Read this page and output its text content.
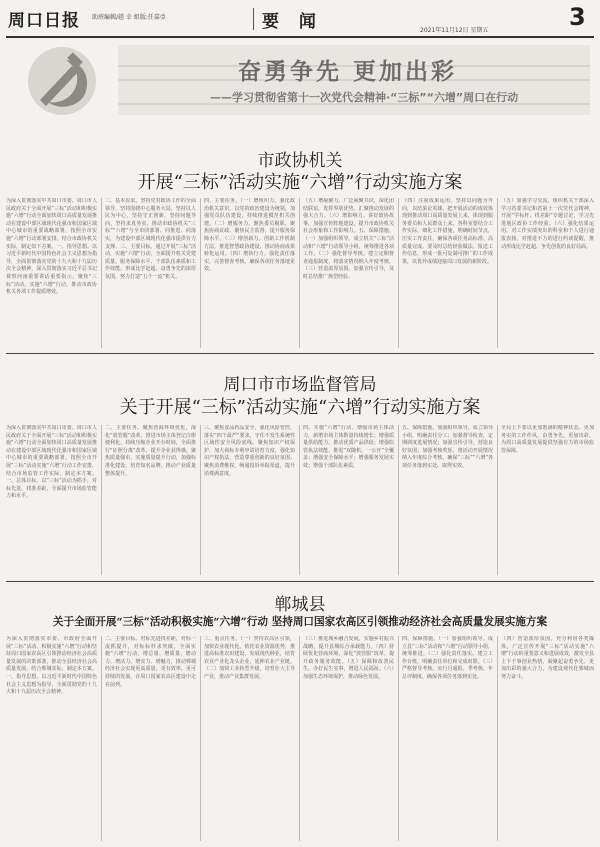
周口日报 助班編輯/趙 幸 組版:任嘉亞	要 闻	2021年11月12日 星期五	3
奋勇争先 更加出彩
——学习贯彻省第十一次党代会精神·“三标”“六增”周口在行动
市政协机关
开展“三标”活动实施“六增”行动实施方案
为深入贯彻落实中共周口市委、周口市人民政府关于全面开展“三标”活动和积极实施“六增”行动全面加快周口高质量发展推动在建设中部区域现代化强市和国家区域中心城市的重要战略部署，按照全市实施“六增”行动部署安排，结合市政协机关实际，制定如下方案。一、指导思想。以习近平新时代中国特色社会主义思想为指导，全面贯彻落实党的十九大和十九届历次全会精神，深入贯彻落实习近平总书记视察河南重要讲话重要指示，聚焦“三标”活动，实施“六增”行动，推动市政协机关各项工作提质增效。
二、基本原求。坚持党对政协工作的全面领导，坚持围绕中心服务大局，坚持以人民为中心，坚持守正创新，坚持问题导向，坚持求真务实，推动市政协机关“三标”“六增”与全市同部署、同推进、同落实，为建设中部区域现代化强市提供有力支撑。三、主要目标。通过开展“三标”活动，实施“六增”行动，全面提升机关党建质量、服务保障水平、干部队伍素质和工作效能，形成比学赶超、奋勇争先的浓厚氛围，努力打造“五个一流”机关。
四、主要任务。（一）增组织力。强化政治机关意识，以党的政治建设为统领，加强党员队伍建设，持续推进模范机关创建。（二）增服务力。聚焦委员履职、聚焦协商议政、聚焦民主监督，提升服务保障水平。（三）增创新力。创新工作机制方法，推进智慧政协建设，推动协商成果转化运用。（四）增执行力。强化责任落实，完善督查考核，确保各项任务落地见效。
（五）增凝聚力。广泛凝聚共识，深化团结联谊，发挥界别优势，汇聚推动发展的强大合力。（六）增影响力。讲好政协故事，加强宣传阵地建设，提升市政协机关社会形象和工作影响力。五、保障措施。（一）加强组织领导。成立机关“三标”活动和“六增”行动领导小组，统筹推进各项工作。（二）强化督导考核。建立定期督查通报制度，将落实情况纳入年度考核。（三）营造浓厚氛围。加强宣传引导，及时总结推广典型经验。
（四）注重成果运用。坚持以问题为导向，以结果论英雄，把开展活动的成效体现到推动周口高质量发展上来，体现到服务委员和人民群众上来。各科室要结合工作实际，细化工作措施，明确时间节点，压实工作责任，确保各项任务高标准、高质量完成。要及时总结经验做法，报送工作信息，形成一批可复制可推广的工作成果，以优异成绩迎接周口发展的新阶段。
（五）加强学习交流。组织机关干部深入学习省委书记和省第十一次党代会精神，开展“学标杆、找差距”专题讨论，学习先进地区政协工作经验。（六）强化结果运用。对工作实绩突出的科室和个人进行通报表扬，对推进不力的进行约谈提醒，推动形成比学赶超、争先创优的良好局面。
周口市市场监督管局
关于开展“三标”活动实施“六增”行动实施方案
为深入贯彻落实中共周口市委、周口市人民政府关于全面开展“三标”活动和积极实施“六增”行动全面加快周口高质量发展推动在建设中部区域现代化强市和国家区域中心城市的重要战略部署，按照全市开展“三标”活动实施“六增”行动工作安排，结合市场监管工作实际，制定本方案。一、总体目标。以“三标”活动为抓手，对标先进、找准差距，全面提升市场监管能力和水平。
二、主要任务。聚焦营商环境优化，深化“放管服”改革，推进市场主体登记注册便利化，持续压缩企业开办时间，全面推行“证照分离”改革，提升企业获得感。聚焦质量强市，实施质量提升行动，加强标准化建设，培育知名品牌，推动产业质量整体提升。
三、聚焦食品药品安全，强化风险管控，落实“四个最严”要求，守住不发生系统性区域性安全风险底线。聚焦知识产权保护，加大商标专利申请培育力度，强化知识产权执法，营造尊重创新的良好氛围。聚焦消费维权，畅通投诉举报渠道，提升消费满意度。
四、实施“六增”行动。增强市场主体活力，新增市场主体数量持续增长；增强质量供给能力，推动优质产品供给；增强监管执法效能，推进“双随机、一公开”全覆盖；增强安全保障水平；增强服务发展实效；增强干部队伍素质。
五、保障措施。加强组织领导，成立领导小组，明确责任分工；加强督导检查，定期调度进展情况；加强宣传引导，营造良好氛围；加强考核奖惩，将活动开展情况纳入年度综合考核，确保“三标”“六增”各项任务落到实处、取得实效。
全局上下要以更加饱满的精神状态、更加务实的工作作风，奋勇争先、更加出彩，为周口高质量发展提供坚强有力的市场监管保障。
郸城县
关于全面开展“三标”活动积极实施“六增”行动 坚持周口国家农高区引领推动经济社会高质量发展实施方案
为深入贯彻落实市委、市政府全面开展“三标”活动、积极实施“六增”行动和坚持周口国家农高区引领推动经济社会高质量发展的决策部署，推动全县经济社会高质量发展，结合郸城实际，制定本方案。一、指导思想。以习近平新时代中国特色社会主义思想为指导，全面贯彻党的十九大和十九届历次全会精神。
二、主要目标。对标先进找差距，对标一流抓提升，对标标杆求突破，全面实施“六增”行动，增总量、增质量、增动力、增活力、增实力、增魅力，推动郸城经济社会实现更高质量、更有效率、更可持续的发展，在周口国家农高区建设中走在前列。
三、重点任务。（一）坚持农高区引领，加快农业现代化。依托农业资源优势，推进高标准农田建设，发展现代种业，培育农业产业化龙头企业，延伸农业产业链。（二）加快工业转型升级，培育壮大主导产业，推动产业集群发展。
（三）推进城乡融合发展，实施乡村振兴战略，提升县城综合承载能力。（四）持续优化营商环境，深化“放管服”改革，提升政务服务效能。（五）保障和改善民生，办好民生实事，增进人民福祉。（六）加强生态环境保护，推动绿色发展。
四、保障措施。（一）加强组织领导。成立县“三标”活动和“六增”行动领导小组，统筹推进。（二）强化责任落实。建立工作台账，明确责任单位和完成时限。（三）严格督导考核。实行月通报、季考核、年总评制度，确保各项任务落到实处。
（四）营造浓厚氛围。充分利用各类媒体，广泛宣传开展“三标”活动实施“六增”行动的重要意义和进展成效，激发全县上下干事创业热情，凝聚起奋勇争先、更加出彩的强大合力，为建设现代化郸城而努力奋斗。
